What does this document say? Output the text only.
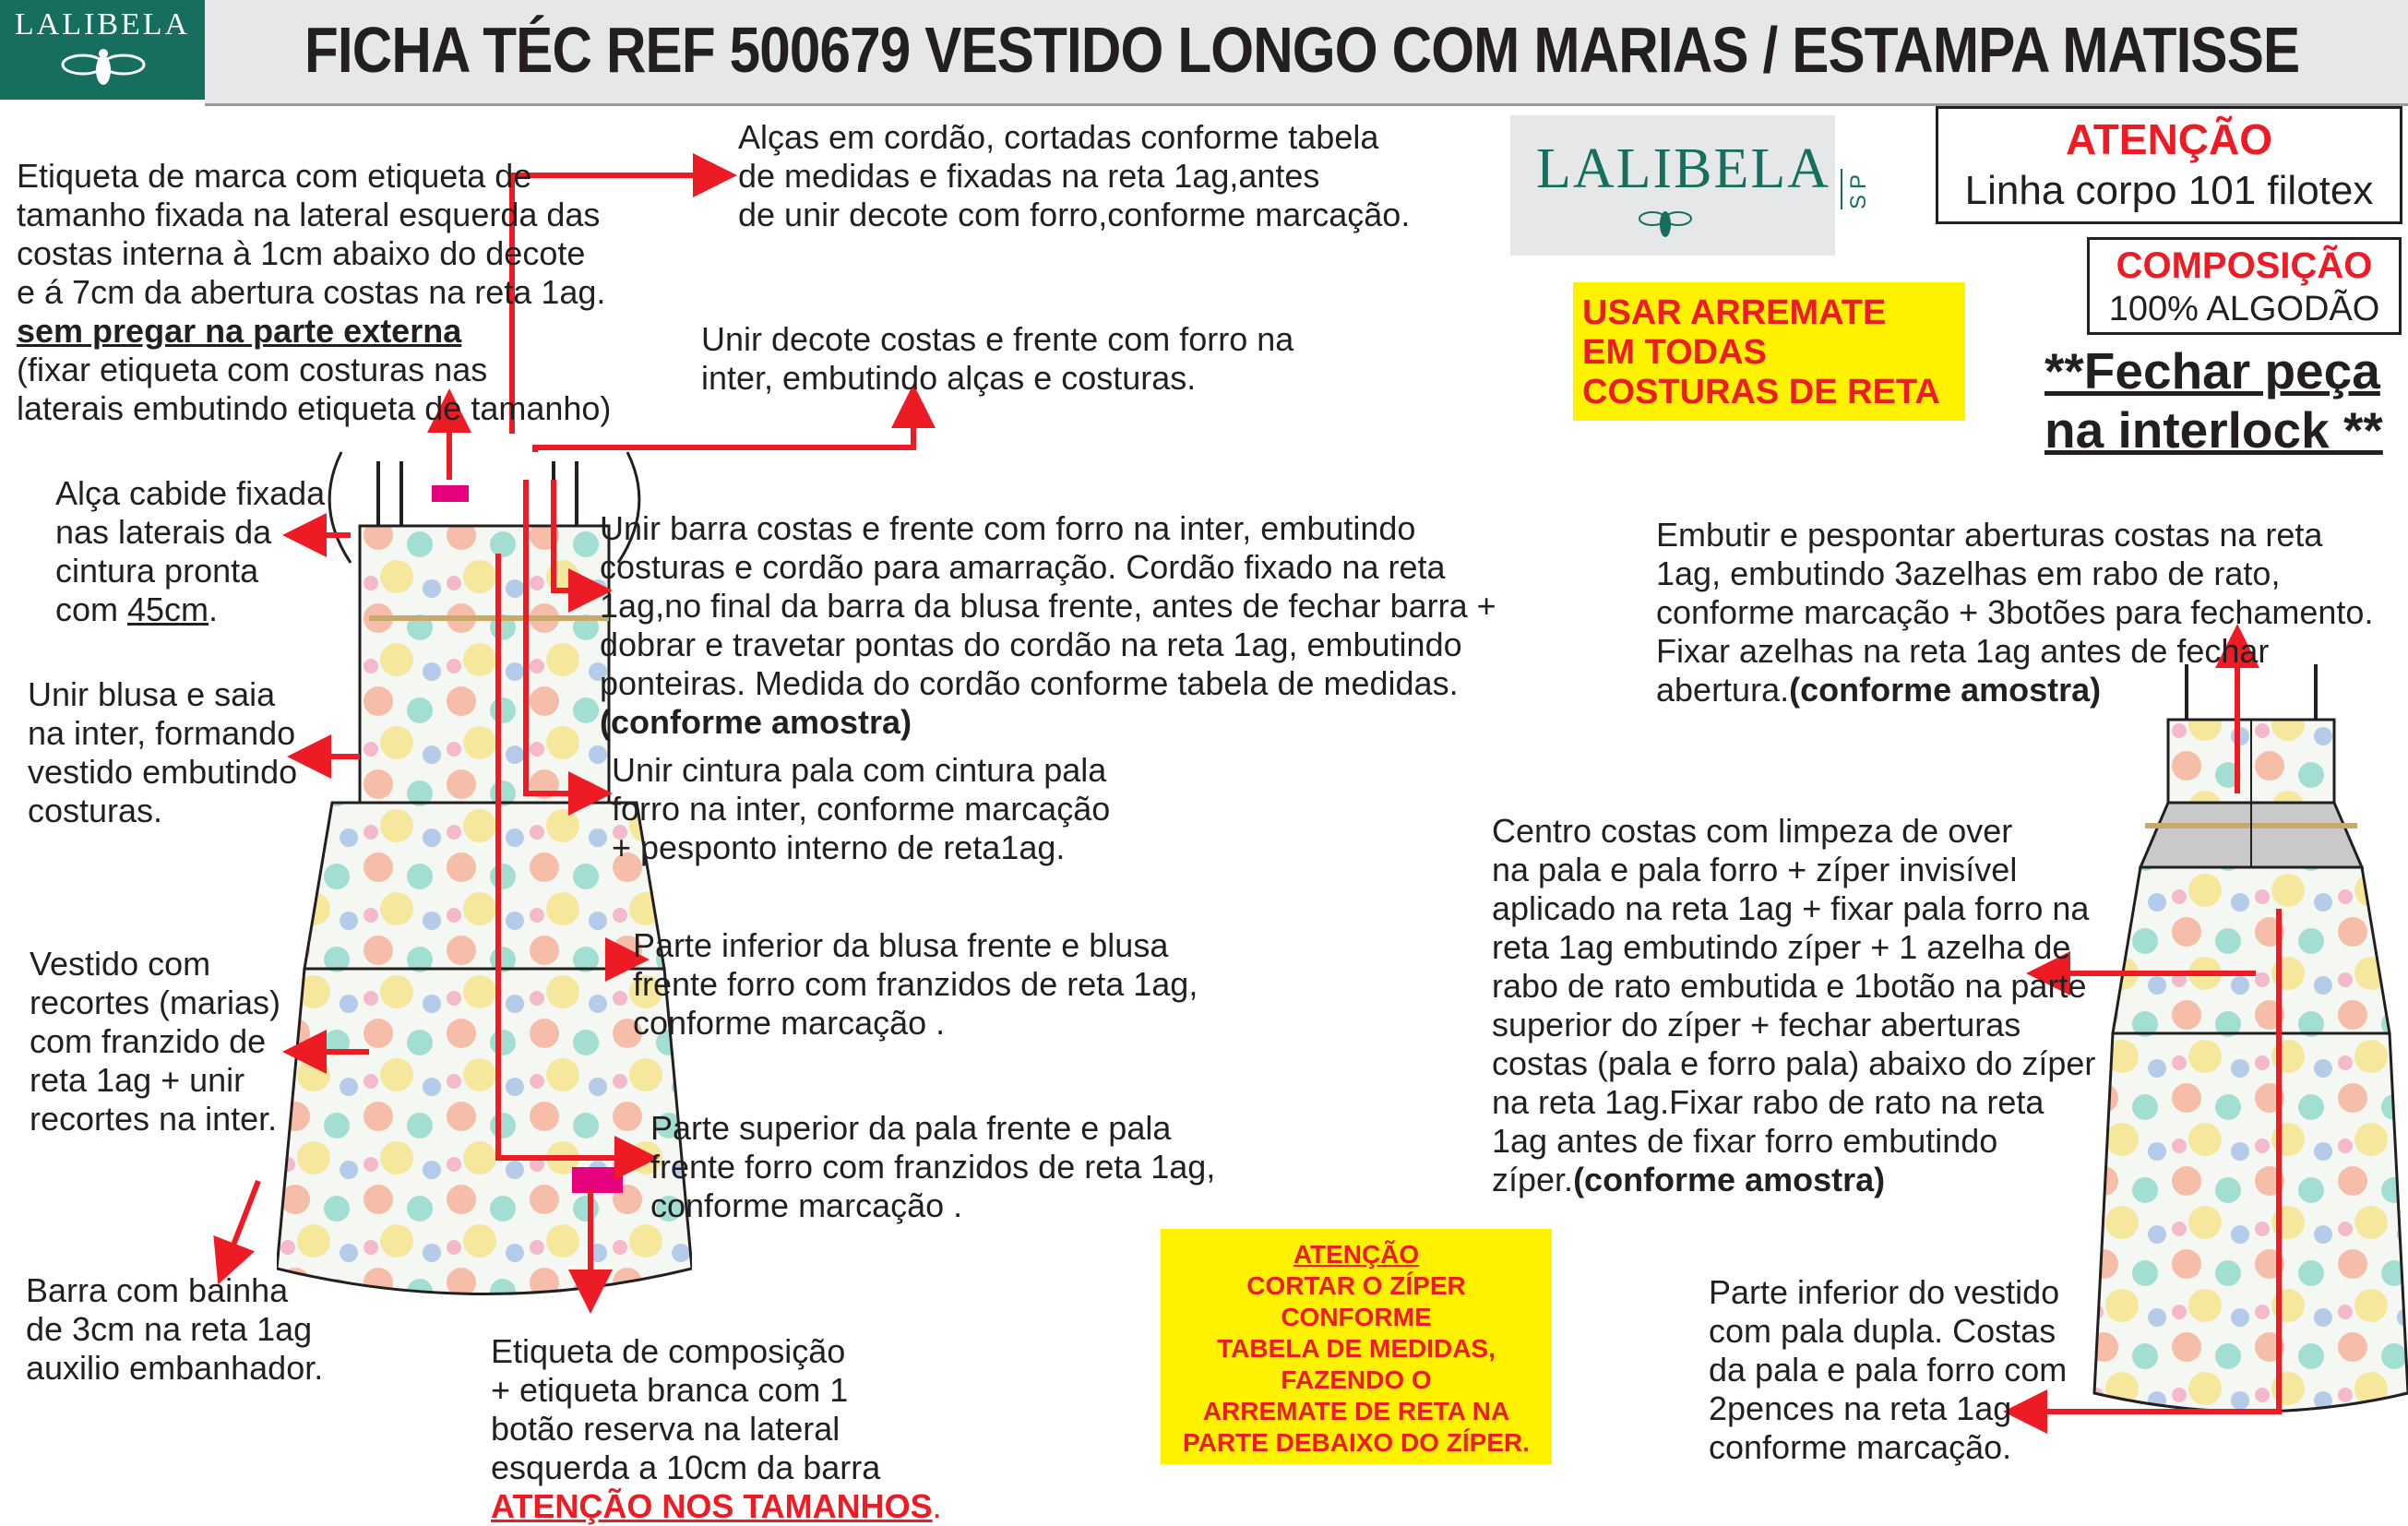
LALIBELA FICHA TÉC REF 500679 VESTIDO LONGO COM MARIAS / ESTAMPA MATISSE
LALIBELA P
S
ATENÇÃO
Linha corpo 101 filotex
COMPOSIÇÃO
100% ALGODÃO
**Fechar peça
na interlock **
USAR ARREMATE
EM TODAS
COSTURAS DE RETA
ATENÇÃO
CORTAR O ZÍPER
CONFORME
TABELA DE MEDIDAS,
FAZENDO O
ARREMATE DE RETA NA
PARTE DEBAIXO DO ZÍPER.

Etiqueta de marca com etiqueta de
tamanho fixada na lateral esquerda das
costas interna à 1cm abaixo do decote
e á 7cm da abertura costas na reta 1ag.
sem pregar na parte externa
(fixar etiqueta com costuras nas
laterais embutindo etiqueta de tamanho)

Alças em cordão, cortadas conforme tabela
de medidas e fixadas na reta 1ag,antes
de unir decote com forro,conforme marcação.
Unir decote costas e frente com forro na
inter, embutindo alças e costuras.

Alça cabide fixada
nas laterais da
cintura pronta
com 45cm.

Unir barra costas e frente com forro na inter, embutindo
costuras e cordão para amarração. Cordão fixado na reta
1ag,no final da barra da blusa frente, antes de fechar barra +
dobrar e travetar pontas do cordão na reta 1ag, embutindo
ponteiras. Medida do cordão conforme tabela de medidas.
(conforme amostra)

Unir blusa e saia
na inter, formando
vestido embutindo
costuras.
Unir cintura pala com cintura pala
forro na inter, conforme marcação
+ pesponto interno de reta1ag.
Parte inferior da blusa frente e blusa
frente forro com franzidos de reta 1ag,
conforme marcação .
Vestido com
recortes (marias)
com franzido de
reta 1ag + unir
recortes na inter.	Parte superior da pala frente e pala
frente forro com franzidos de reta 1ag,
conforme marcação .
Barra com bainha
de 3cm na reta 1ag
auxilio embanhador.	Etiqueta de composição
+ etiqueta branca com 1
botão reserva na lateral
esquerda a 10cm da barra
ATENÇÃO NOS TAMANHOS.

Embutir e pespontar aberturas costas na reta
1ag, embutindo 3azelhas em rabo de rato,
conforme marcação + 3botões para fechamento.
Fixar azelhas na reta 1ag antes de fechar
abertura.(conforme amostra)

Centro costas com limpeza de over
na pala e pala forro + zíper invisível
aplicado na reta 1ag + fixar pala forro na
reta 1ag embutindo zíper + 1 azelha de
rabo de rato embutida e 1botão na parte
superior do zíper + fechar aberturas
costas (pala e forro pala) abaixo do zíper
na reta 1ag.Fixar rabo de rato na reta
1ag antes de fixar forro embutindo
zíper.(conforme amostra)

Parte inferior do vestido
com pala dupla. Costas
da pala e pala forro com
2pences na reta 1ag
conforme marcação.
